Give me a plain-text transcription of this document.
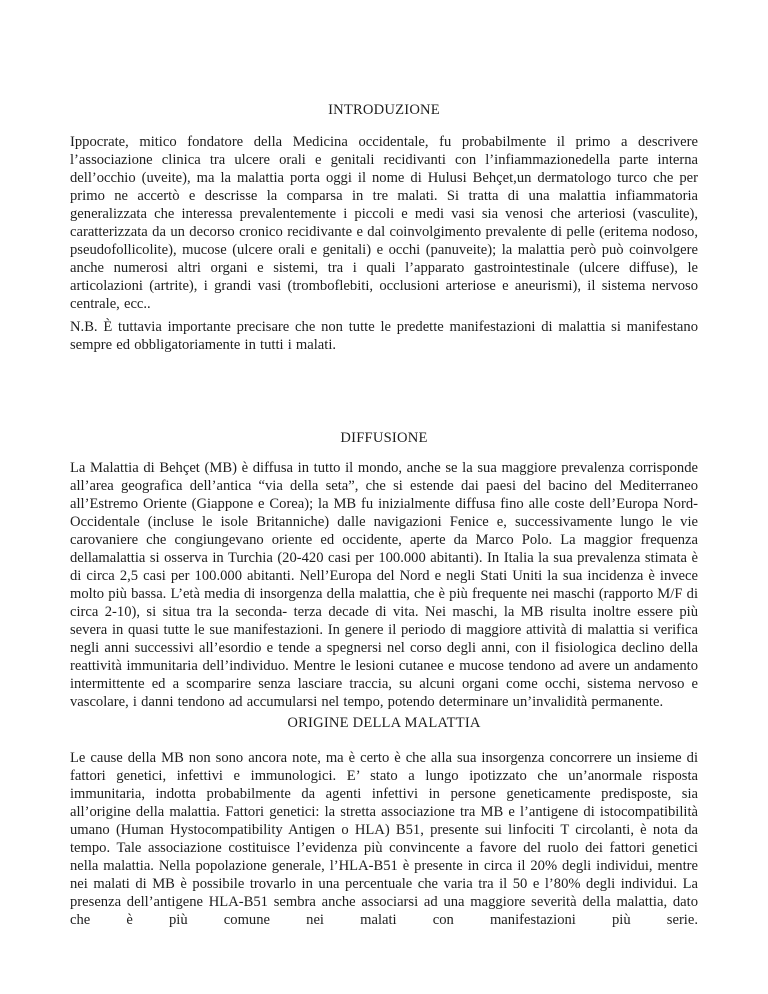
INTRODUZIONE

Ippocrate, mitico fondatore della Medicina occidentale, fu probabilmente il primo a descrivere l’associazione clinica tra ulcere orali e genitali recidivanti con l’infiammazionedella parte interna dell’occhio (uveite), ma la malattia porta oggi il nome di Hulusi Behçet,un dermatologo turco che per primo ne accertò e descrisse la comparsa in tre malati. Si tratta di una malattia infiammatoria generalizzata che interessa prevalentemente i piccoli e medi vasi sia venosi che arteriosi (vasculite), caratterizzata da un decorso cronico recidivante e dal coinvolgimento prevalente di pelle (eritema nodoso, pseudofollicolite), mucose (ulcere orali e genitali) e occhi (panuveite); la malattia però può coinvolgere anche numerosi altri organi e sistemi, tra i quali l’apparato gastrointestinale (ulcere diffuse), le articolazioni (artrite), i grandi vasi (tromboflebiti, occlusioni arteriose e aneurismi), il sistema nervoso centrale, ecc..

N.B. È tuttavia importante precisare che non tutte le predette manifestazioni di malattia si manifestano sempre ed obbligatoriamente in tutti i malati.

DIFFUSIONE

La Malattia di Behçet (MB) è diffusa in tutto il mondo, anche se la sua maggiore prevalenza corrisponde all’area geografica dell’antica “via della seta”, che si estende dai paesi del bacino del Mediterraneo all’Estremo Oriente (Giappone e Corea); la MB fu inizialmente diffusa fino alle coste dell’Europa Nord-Occidentale (incluse le isole Britanniche) dalle navigazioni Fenice e, successivamente lungo le vie carovaniere che congiungevano oriente ed occidente, aperte da Marco Polo. La maggior frequenza dellamalattia si osserva in Turchia (20-420 casi per 100.000 abitanti). In Italia la sua prevalenza stimata è di circa 2,5 casi per 100.000 abitanti. Nell’Europa del Nord e negli Stati Uniti la sua incidenza è invece molto più bassa. L’età media di insorgenza della malattia, che è più frequente nei maschi (rapporto M/F di circa 2-10), si situa tra la seconda- terza decade di vita. Nei maschi, la MB risulta inoltre essere più severa in quasi tutte le sue manifestazioni. In genere il periodo di maggiore attività di malattia si verifica negli anni successivi all’esordio e tende a spegnersi nel corso degli anni, con il fisiologica declino della reattività immunitaria dell’individuo. Mentre le lesioni cutanee e mucose tendono ad avere un andamento intermittente ed a scomparire senza lasciare traccia, su alcuni organi come occhi, sistema nervoso e vascolare, i danni tendono ad accumularsi nel tempo, potendo determinare un’invalidità permanente.

ORIGINE DELLA MALATTIA

Le cause della MB non sono ancora note, ma è certo è che alla sua insorgenza concorrere un insieme di fattori genetici, infettivi e immunologici. E’ stato a lungo ipotizzato che un’anormale risposta immunitaria, indotta probabilmente da agenti infettivi in persone geneticamente predisposte, sia all’origine della malattia. Fattori genetici: la stretta associazione tra MB e l’antigene di istocompatibilità umano (Human Hystocompatibility Antigen o HLA) B51, presente sui linfociti T circolanti, è nota da tempo. Tale associazione costituisce l’evidenza più convincente a favore del ruolo dei fattori genetici nella malattia. Nella popolazione generale, l’HLA-B51 è presente in circa il 20% degli individui, mentre nei malati di MB è possibile trovarlo in una percentuale che varia tra il 50 e l’80% degli individui. La presenza dell’antigene HLA-B51 sembra anche associarsi ad una maggiore severità della malattia, dato che è più comune nei malati con manifestazioni più serie.
